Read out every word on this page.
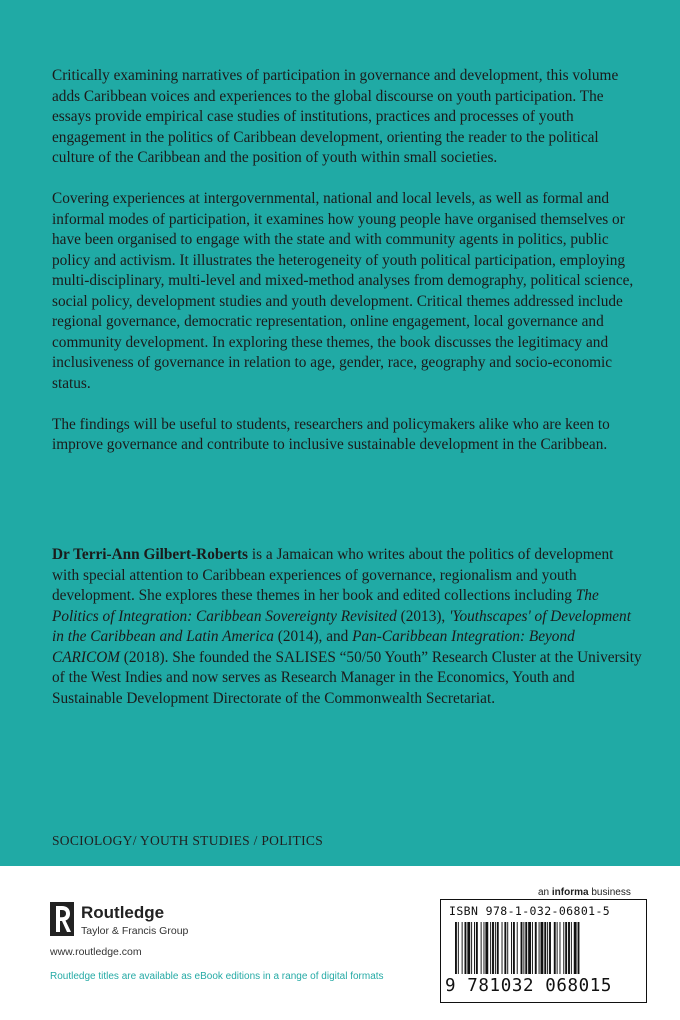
Critically examining narratives of participation in governance and development, this volume adds Caribbean voices and experiences to the global discourse on youth participation. The essays provide empirical case studies of institutions, practices and processes of youth engagement in the politics of Caribbean development, orienting the reader to the political culture of the Caribbean and the position of youth within small societies.

Covering experiences at intergovernmental, national and local levels, as well as formal and informal modes of participation, it examines how young people have organised themselves or have been organised to engage with the state and with community agents in politics, public policy and activism. It illustrates the heterogeneity of youth political participation, employing multi-disciplinary, multi-level and mixed-method analyses from demography, political science, social policy, development studies and youth development. Critical themes addressed include regional governance, democratic representation, online engagement, local governance and community development. In exploring these themes, the book discusses the legitimacy and inclusiveness of governance in relation to age, gender, race, geography and socio-economic status.

The findings will be useful to students, researchers and policymakers alike who are keen to improve governance and contribute to inclusive sustainable development in the Caribbean.

Dr Terri-Ann Gilbert-Roberts is a Jamaican who writes about the politics of development with special attention to Caribbean experiences of governance, regionalism and youth development. She explores these themes in her book and edited collections including The Politics of Integration: Caribbean Sovereignty Revisited (2013), 'Youthscapes' of Development in the Caribbean and Latin America (2014), and Pan-Caribbean Integration: Beyond CARICOM (2018). She founded the SALISES “50/50 Youth” Research Cluster at the University of the West Indies and now serves as Research Manager in the Economics, Youth and Sustainable Development Directorate of the Commonwealth Secretariat.

SOCIOLOGY/ YOUTH STUDIES / POLITICS
Routledge
Taylor & Francis Group
www.routledge.com
Routledge titles are available as eBook editions in a range of digital formats
an informa business
ISBN 978-1-032-06801-5
9 781032 068015
